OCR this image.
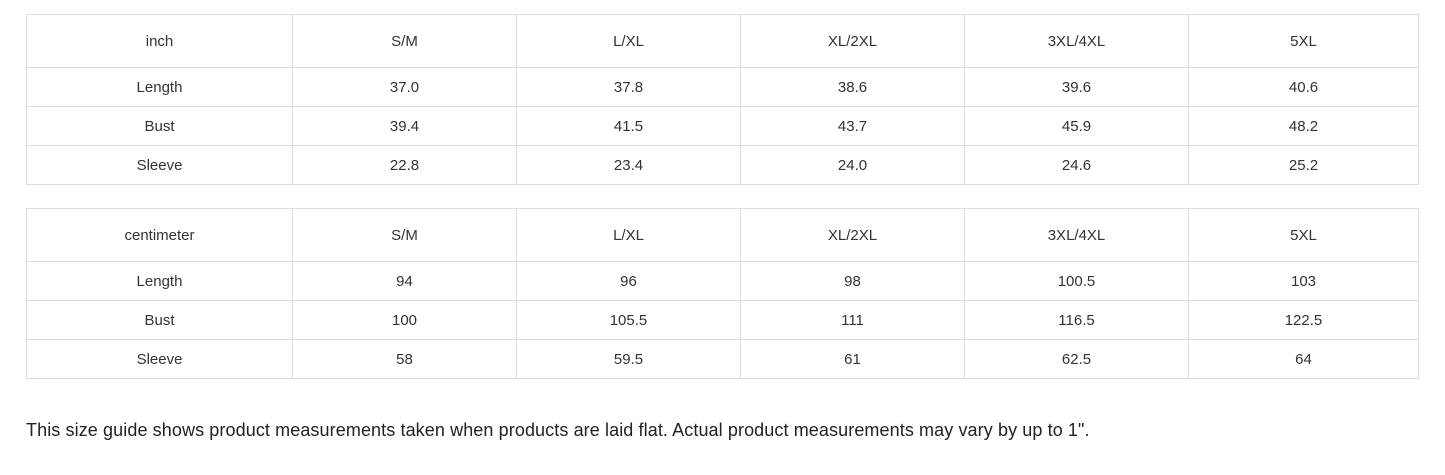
inch	S/M	L/XL	XL/2XL	3XL/4XL	5XL
Length	37.0	37.8	38.6	39.6	40.6
Bust	39.4	41.5	43.7	45.9	48.2
Sleeve	22.8	23.4	24.0	24.6	25.2
centimeter	S/M	L/XL	XL/2XL	3XL/4XL	5XL
Length	94	96	98	100.5	103
Bust	100	105.5	111	116.5	122.5
Sleeve	58	59.5	61	62.5	64
This size guide shows product measurements taken when products are laid flat. Actual product measurements may vary by up to 1".
